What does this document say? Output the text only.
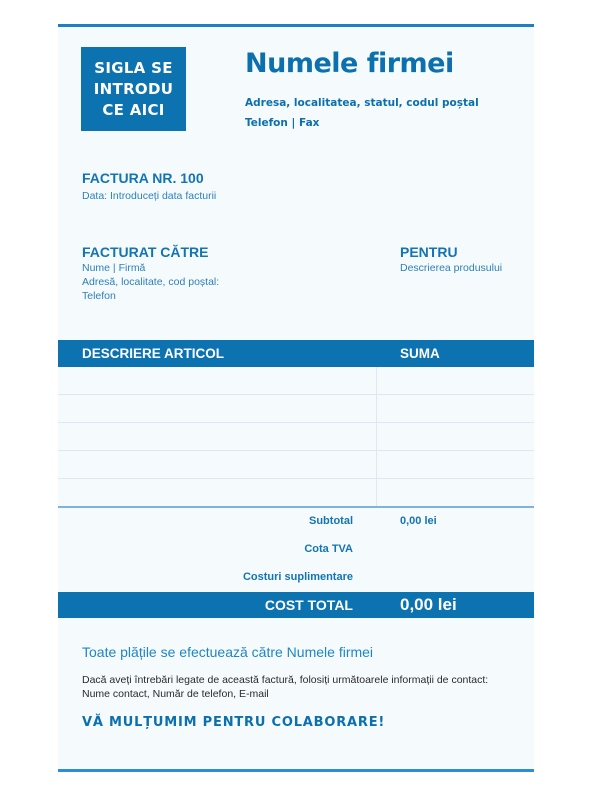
SIGLA SE INTRODU CE AICI
Numele firmei
Adresa, localitatea, statul, codul poștal
Telefon | Fax
FACTURA NR. 100
Data: Introduceți data facturii
FACTURAT CĂTRE
Nume | Firmă
Adresă, localitate, cod poștal:
Telefon
PENTRU
Descrierea produsului
DESCRIERE ARTICOL	SUMA
Subtotal	0,00 lei
Cota TVA
Costuri suplimentare
COST TOTAL	0,00 lei
Toate plățile se efectuează către Numele firmei
Dacă aveți întrebări legate de această factură, folosiți următoarele informații de contact:
Nume contact, Număr de telefon, E-mail
VĂ MULȚUMIM PENTRU COLABORARE!
